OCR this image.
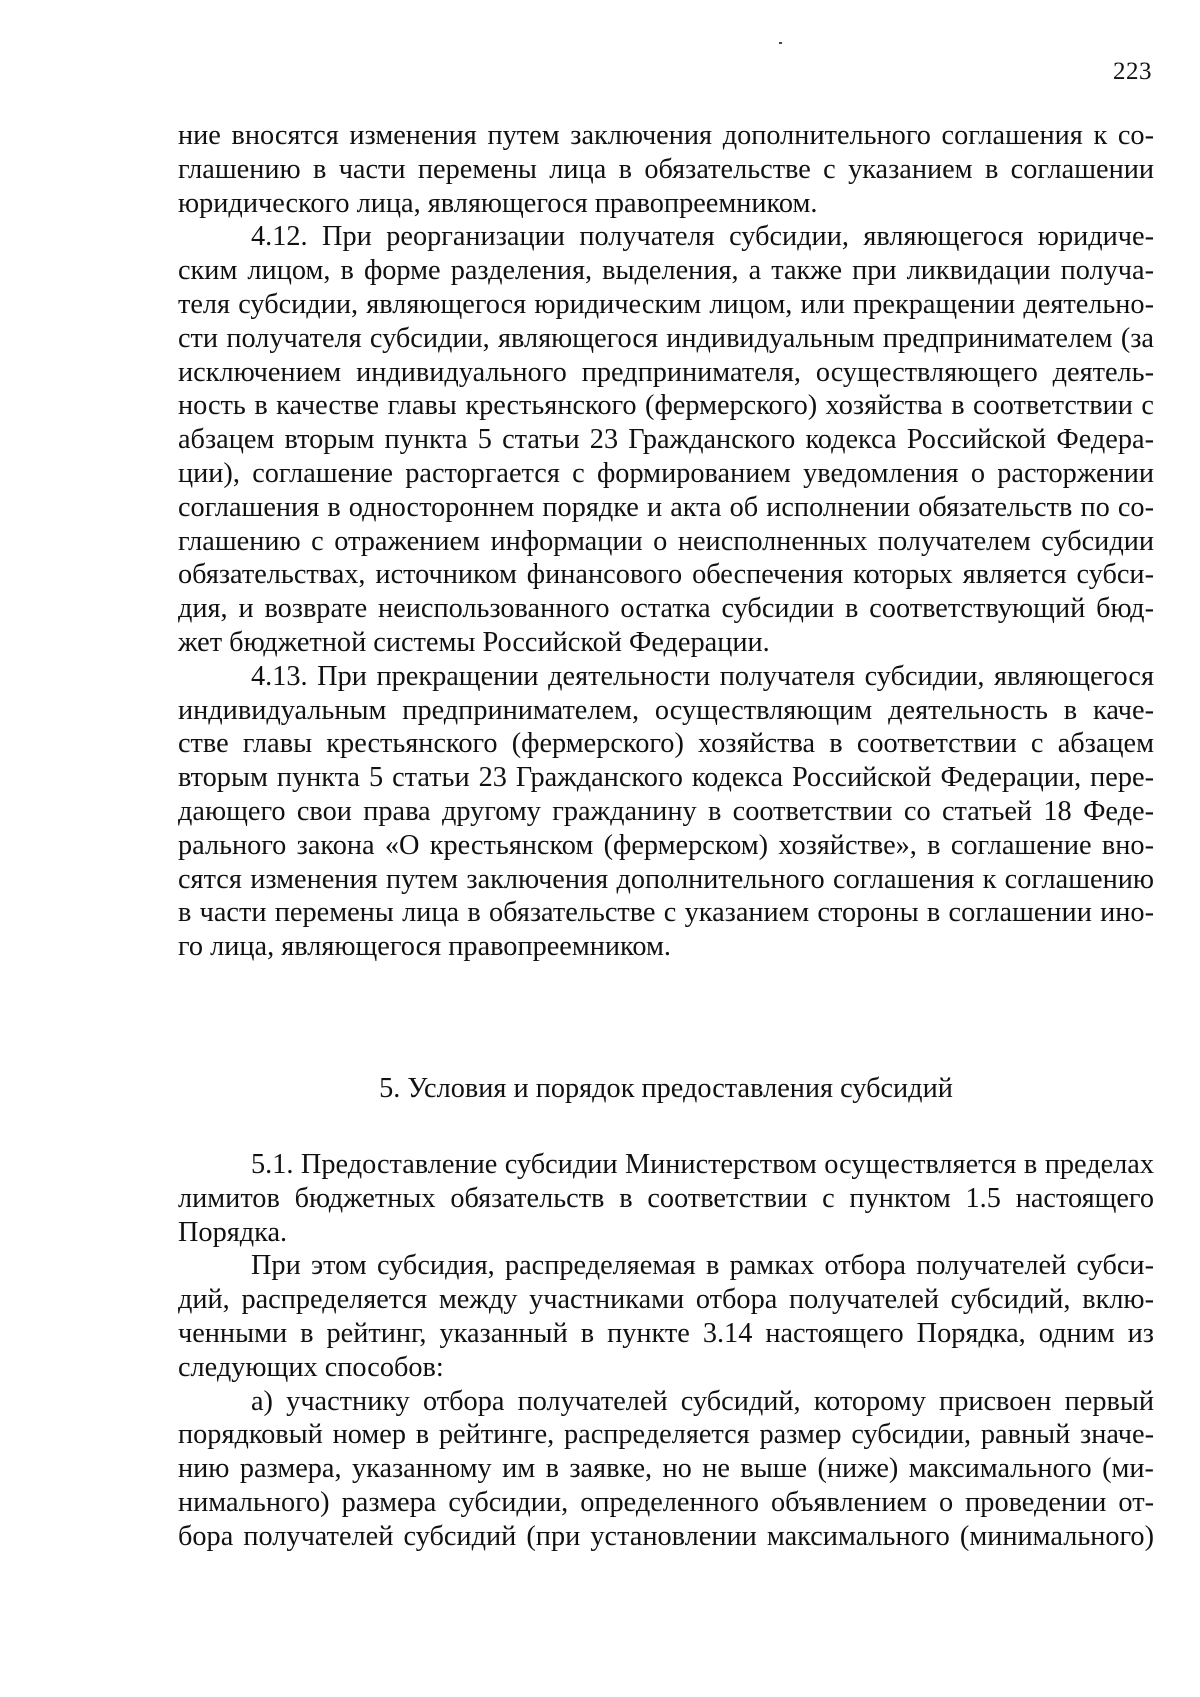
223
ние вносятся изменения путем заключения дополнительного соглашения к со-
глашению в части перемены лица в обязательстве с указанием в соглашении
юридического лица, являющегося правопреемником.
4.12. При реорганизации получателя субсидии, являющегося юридиче-
ским лицом, в форме разделения, выделения, а также при ликвидации получа-
теля субсидии, являющегося юридическим лицом, или прекращении деятельно-
сти получателя субсидии, являющегося индивидуальным предпринимателем (за
исключением индивидуального предпринимателя, осуществляющего деятель-
ность в качестве главы крестьянского (фермерского) хозяйства в соответствии с
абзацем вторым пункта 5 статьи 23 Гражданского кодекса Российской Федера-
ции), соглашение расторгается с формированием уведомления о расторжении
соглашения в одностороннем порядке и акта об исполнении обязательств по со-
глашению с отражением информации о неисполненных получателем субсидии
обязательствах, источником финансового обеспечения которых является субси-
дия, и возврате неиспользованного остатка субсидии в соответствующий бюд-
жет бюджетной системы Российской Федерации.
4.13. При прекращении деятельности получателя субсидии, являющегося
индивидуальным предпринимателем, осуществляющим деятельность в каче-
стве главы крестьянского (фермерского) хозяйства в соответствии с абзацем
вторым пункта 5 статьи 23 Гражданского кодекса Российской Федерации, пере-
дающего свои права другому гражданину в соответствии со статьей 18 Феде-
рального закона «О крестьянском (фермерском) хозяйстве», в соглашение вно-
сятся изменения путем заключения дополнительного соглашения к соглашению
в части перемены лица в обязательстве с указанием стороны в соглашении ино-
го лица, являющегося правопреемником.
5. Условия и порядок предоставления субсидий
5.1. Предоставление субсидии Министерством осуществляется в пределах
лимитов бюджетных обязательств в соответствии с пунктом 1.5 настоящего
Порядка.
При этом субсидия, распределяемая в рамках отбора получателей субси-
дий, распределяется между участниками отбора получателей субсидий, вклю-
ченными в рейтинг, указанный в пункте 3.14 настоящего Порядка, одним из
следующих способов:
а) участнику отбора получателей субсидий, которому присвоен первый
порядковый номер в рейтинге, распределяется размер субсидии, равный значе-
нию размера, указанному им в заявке, но не выше (ниже) максимального (ми-
нимального) размера субсидии, определенного объявлением о проведении от-
бора получателей субсидий (при установлении максимального (минимального)
